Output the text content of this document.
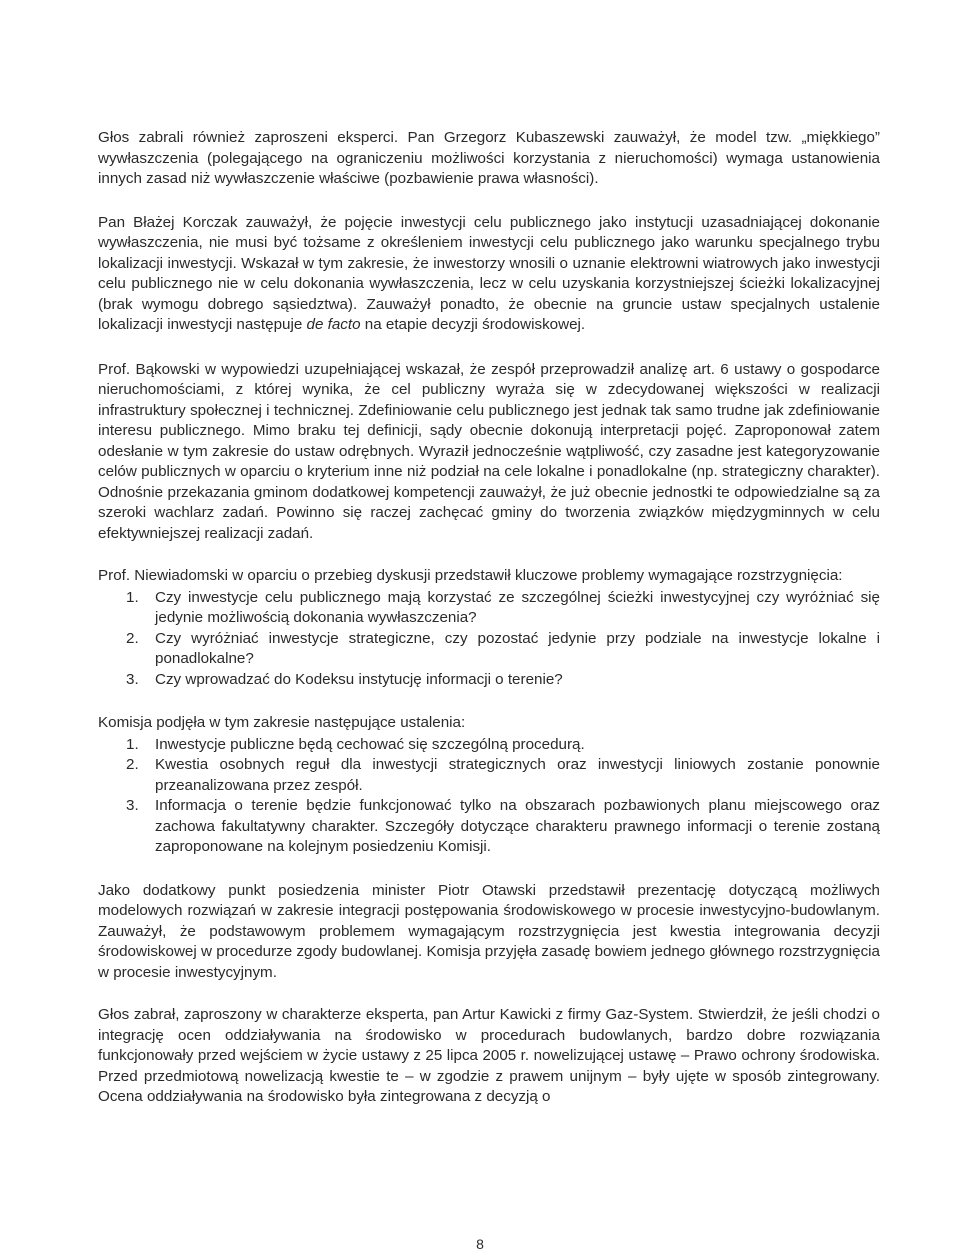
Głos zabrali również zaproszeni eksperci. Pan Grzegorz Kubaszewski zauważył, że model tzw. „miękkiego” wywłaszczenia (polegającego na ograniczeniu możliwości korzystania z nieruchomości) wymaga ustanowienia innych zasad niż wywłaszczenie właściwe (pozbawienie prawa własności).

Pan Błażej Korczak zauważył, że pojęcie inwestycji celu publicznego jako instytucji uzasadniającej dokonanie wywłaszczenia, nie musi być tożsame z określeniem inwestycji celu publicznego jako warunku specjalnego trybu lokalizacji inwestycji. Wskazał w tym zakresie, że inwestorzy wnosili o uznanie elektrowni wiatrowych jako inwestycji celu publicznego nie w celu dokonania wywłaszczenia, lecz w celu uzyskania korzystniejszej ścieżki lokalizacyjnej (brak wymogu dobrego sąsiedztwa). Zauważył ponadto, że obecnie na gruncie ustaw specjalnych ustalenie lokalizacji inwestycji następuje de facto na etapie decyzji środowiskowej.

Prof. Bąkowski w wypowiedzi uzupełniającej wskazał, że zespół przeprowadził analizę art. 6 ustawy o gospodarce nieruchomościami, z której wynika, że cel publiczny wyraża się w zdecydowanej większości w realizacji infrastruktury społecznej i technicznej. Zdefiniowanie celu publicznego jest jednak tak samo trudne jak zdefiniowanie interesu publicznego. Mimo braku tej definicji, sądy obecnie dokonują interpretacji pojęć. Zaproponował zatem odesłanie w tym zakresie do ustaw odrębnych. Wyraził jednocześnie wątpliwość, czy zasadne jest kategoryzowanie celów publicznych w oparciu o kryterium inne niż podział na cele lokalne i ponadlokalne (np. strategiczny charakter). Odnośnie przekazania gminom dodatkowej kompetencji zauważył, że już obecnie jednostki te odpowiedzialne są za szeroki wachlarz zadań. Powinno się raczej zachęcać gminy do tworzenia związków międzygminnych w celu efektywniejszej realizacji zadań.

Prof. Niewiadomski w oparciu o przebieg dyskusji przedstawił kluczowe problemy wymagające rozstrzygnięcia:

1. Czy inwestycje celu publicznego mają korzystać ze szczególnej ścieżki inwestycyjnej czy wyróżniać się jedynie możliwością dokonania wywłaszczenia?
2. Czy wyróżniać inwestycje strategiczne, czy pozostać jedynie przy podziale na inwestycje lokalne i ponadlokalne?
3. Czy wprowadzać do Kodeksu instytucję informacji o terenie?

Komisja podjęła w tym zakresie następujące ustalenia:

1. Inwestycje publiczne będą cechować się szczególną procedurą.
2. Kwestia osobnych reguł dla inwestycji strategicznych oraz inwestycji liniowych zostanie ponownie przeanalizowana przez zespół.
3. Informacja o terenie będzie funkcjonować tylko na obszarach pozbawionych planu miejscowego oraz zachowa fakultatywny charakter. Szczegóły dotyczące charakteru prawnego informacji o terenie zostaną zaproponowane na kolejnym posiedzeniu Komisji.

Jako dodatkowy punkt posiedzenia minister Piotr Otawski przedstawił prezentację dotyczącą możliwych modelowych rozwiązań w zakresie integracji postępowania środowiskowego w procesie inwestycyjno-budowlanym. Zauważył, że podstawowym problemem wymagającym rozstrzygnięcia jest kwestia integrowania decyzji środowiskowej w procedurze zgody budowlanej. Komisja przyjęła zasadę bowiem jednego głównego rozstrzygnięcia w procesie inwestycyjnym.

Głos zabrał, zaproszony w charakterze eksperta, pan Artur Kawicki z firmy Gaz-System. Stwierdził, że jeśli chodzi o integrację ocen oddziaływania na środowisko w procedurach budowlanych, bardzo dobre rozwiązania funkcjonowały przed wejściem w życie ustawy z 25 lipca 2005 r. nowelizującej ustawę – Prawo ochrony środowiska. Przed przedmiotową nowelizacją kwestie te – w zgodzie z prawem unijnym – były ujęte w sposób zintegrowany. Ocena oddziaływania na środowisko była zintegrowana z decyzją o

8
